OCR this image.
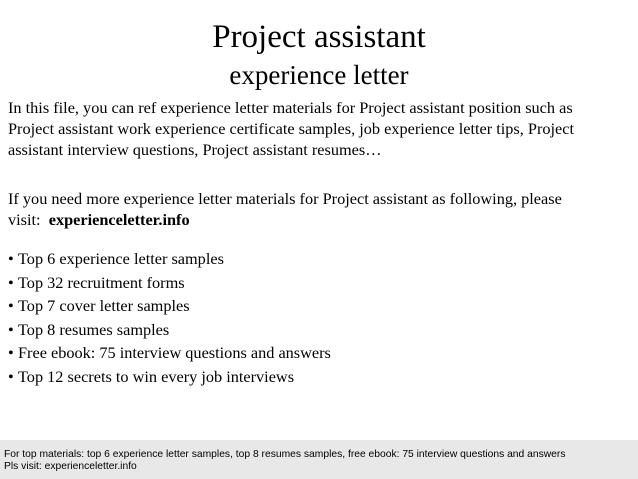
Project assistant
experience letter

In this file, you can ref experience letter materials for Project assistant position such as
Project assistant work experience certificate samples, job experience letter tips, Project
assistant interview questions, Project assistant resumes…

If you need more experience letter materials for Project assistant as following, please
visit: experienceletter.info

• Top 6 experience letter samples
• Top 32 recruitment forms
• Top 7 cover letter samples
• Top 8 resumes samples
• Free ebook: 75 interview questions and answers
• Top 12 secrets to win every job interviews
For top materials: top 6 experience letter samples, top 8 resumes samples, free ebook: 75 interview questions and answers
Pls visit: experienceletter.info
